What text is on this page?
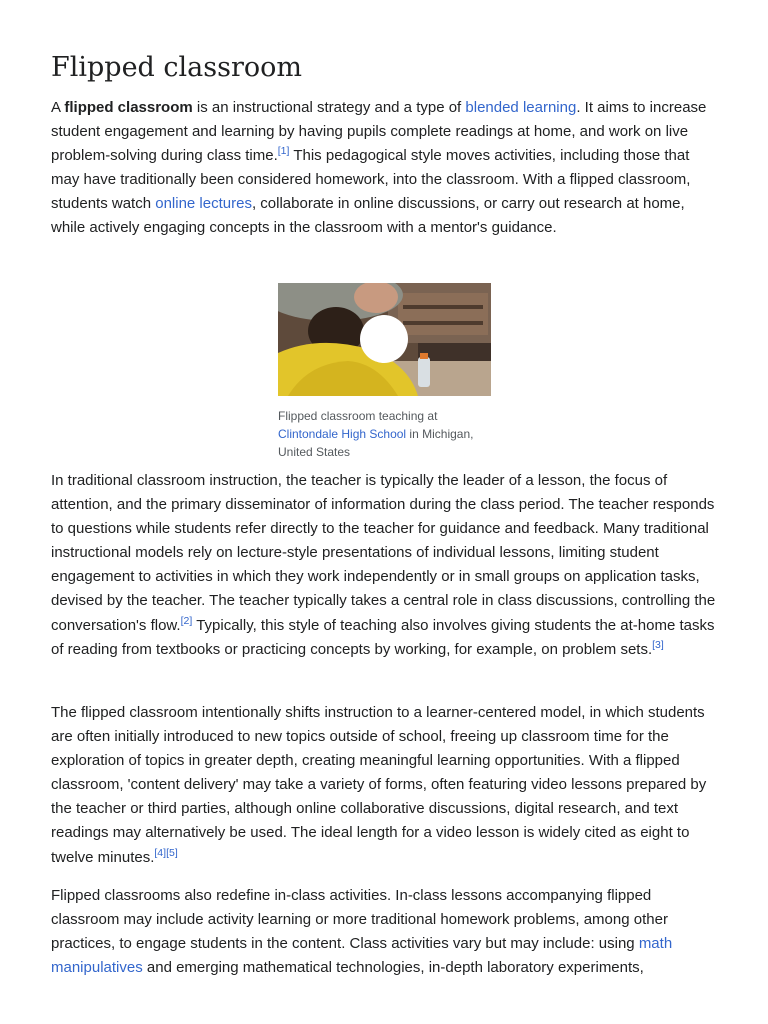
Flipped classroom

A flipped classroom is an instructional strategy and a type of blended learning. It aims to increase student engagement and learning by having pupils complete readings at home, and work on live problem-solving during class time.[1] This pedagogical style moves activities, including those that may have traditionally been considered homework, into the classroom. With a flipped classroom, students watch online lectures, collaborate in online discussions, or carry out research at home, while actively engaging concepts in the classroom with a mentor's guidance.

Flipped classroom teaching at Clintondale High School in Michigan, United States

In traditional classroom instruction, the teacher is typically the leader of a lesson, the focus of attention, and the primary disseminator of information during the class period. The teacher responds to questions while students refer directly to the teacher for guidance and feedback. Many traditional instructional models rely on lecture-style presentations of individual lessons, limiting student engagement to activities in which they work independently or in small groups on application tasks, devised by the teacher. The teacher typically takes a central role in class discussions, controlling the conversation's flow.[2] Typically, this style of teaching also involves giving students the at-home tasks of reading from textbooks or practicing concepts by working, for example, on problem sets.[3]

The flipped classroom intentionally shifts instruction to a learner-centered model, in which students are often initially introduced to new topics outside of school, freeing up classroom time for the exploration of topics in greater depth, creating meaningful learning opportunities. With a flipped classroom, 'content delivery' may take a variety of forms, often featuring video lessons prepared by the teacher or third parties, although online collaborative discussions, digital research, and text readings may alternatively be used. The ideal length for a video lesson is widely cited as eight to twelve minutes.[4][5]

Flipped classrooms also redefine in-class activities. In-class lessons accompanying flipped classroom may include activity learning or more traditional homework problems, among other practices, to engage students in the content. Class activities vary but may include: using math manipulatives and emerging mathematical technologies, in-depth laboratory experiments,
